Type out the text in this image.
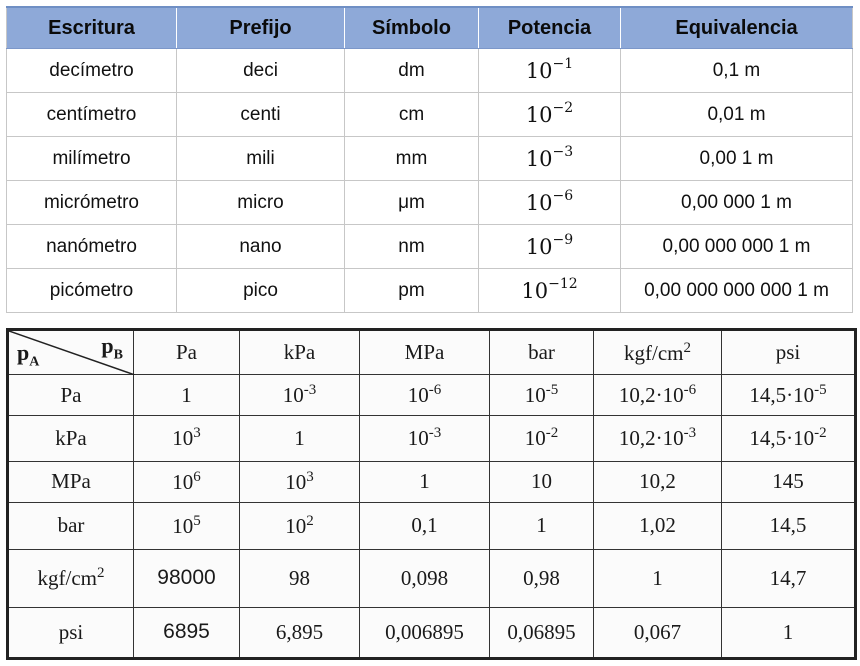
Escritura	Prefijo	Símbolo	Potencia	Equivalencia
decímetro	deci	dm	$10^{-1}$	0,1 m
centímetro	centi	cm	$10^{-2}$	0,01 m
milímetro	mili	mm	$10^{-3}$	0,00 1 m
micrómetro	micro	μm	$10^{-6}$	0,00 000 1 m
nanómetro	nano	nm	$10^{-9}$	0,00 000 000 1 m
picómetro	pico	pm	$10^{-12}$	0,00 000 000 000 1 m
$p_A$
$p_B$	Pa	kPa	MPa	bar	kgf/$cm^2$	psi
Pa	1	$10^{-3}$	$10^{-6}$	$10^{-5}$	$10,2\cdot 10^{-6}$	$14,5\cdot 10^{-5}$
kPa	$10^3$	1	$10^{-3}$	$10^{-2}$	$10,2\cdot 10^{-3}$	$14,5\cdot 10^{-2}$
MPa	$10^6$	$10^3$	1	10	10,2	145
bar	$10^5$	$10^2$	0,1	1	1,02	14,5
kgf/$cm^2$	98000	98	0,098	0,98	1	14,7
psi	6895	6,895	0,006895	0,06895	0,067	1
